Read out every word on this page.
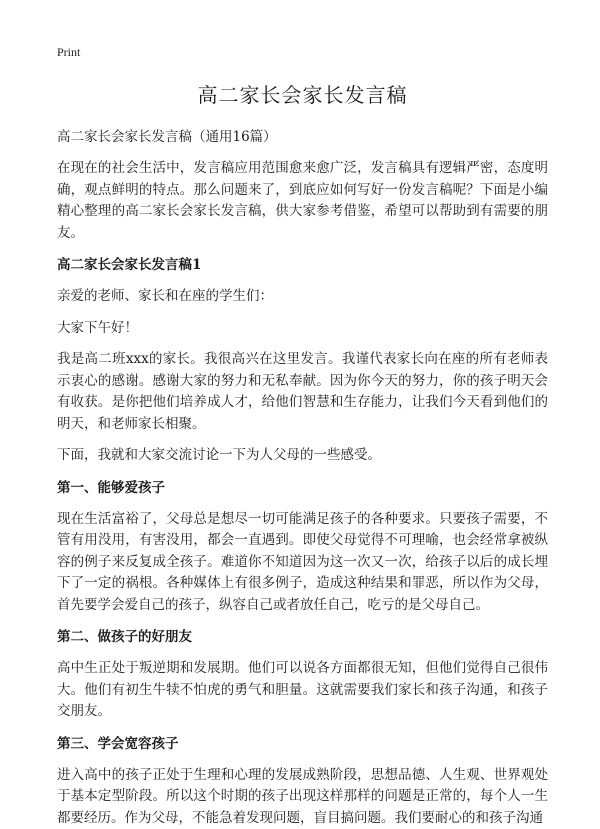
Print
高二家长会家长发言稿
高二家长会家长发言稿（通用16篇）

在现在的社会生活中，发言稿应用范围愈来愈广泛，发言稿具有逻辑严密，态度明确，观点鲜明的特点。那么问题来了，到底应如何写好一份发言稿呢？下面是小编精心整理的高二家长会家长发言稿，供大家参考借鉴，希望可以帮助到有需要的朋友。

高二家长会家长发言稿1

亲爱的老师、家长和在座的学生们：

大家下午好！

我是高二班xxx的家长。我很高兴在这里发言。我谨代表家长向在座的所有老师表示衷心的感谢。感谢大家的努力和无私奉献。因为你今天的努力，你的孩子明天会有收获。是你把他们培养成人才，给他们智慧和生存能力，让我们今天看到他们的明天，和老师家长相聚。

下面，我就和大家交流讨论一下为人父母的一些感受。

第一、能够爱孩子

现在生活富裕了，父母总是想尽一切可能满足孩子的各种要求。只要孩子需要，不管有用没用，有害没用，都会一直遇到。即使父母觉得不可理喻，也会经常拿被纵容的例子来反复成全孩子。难道你不知道因为这一次又一次，给孩子以后的成长埋下了一定的祸根。各种媒体上有很多例子，造成这种结果和罪恶，所以作为父母，首先要学会爱自己的孩子，纵容自己或者放任自己，吃亏的是父母自己。

第二、做孩子的好朋友

高中生正处于叛逆期和发展期。他们可以说各方面都很无知，但他们觉得自己很伟大。他们有初生牛犊不怕虎的勇气和胆量。这就需要我们家长和孩子沟通，和孩子交朋友。

第三、学会宽容孩子

进入高中的孩子正处于生理和心理的发展成熟阶段，思想品德、人生观、世界观处于基本定型阶段。所以这个时期的孩子出现这样那样的问题是正常的，每个人一生都要经历。作为父母，不能急着发现问题，盲目搞问题。我们要耐心的和孩子沟通
